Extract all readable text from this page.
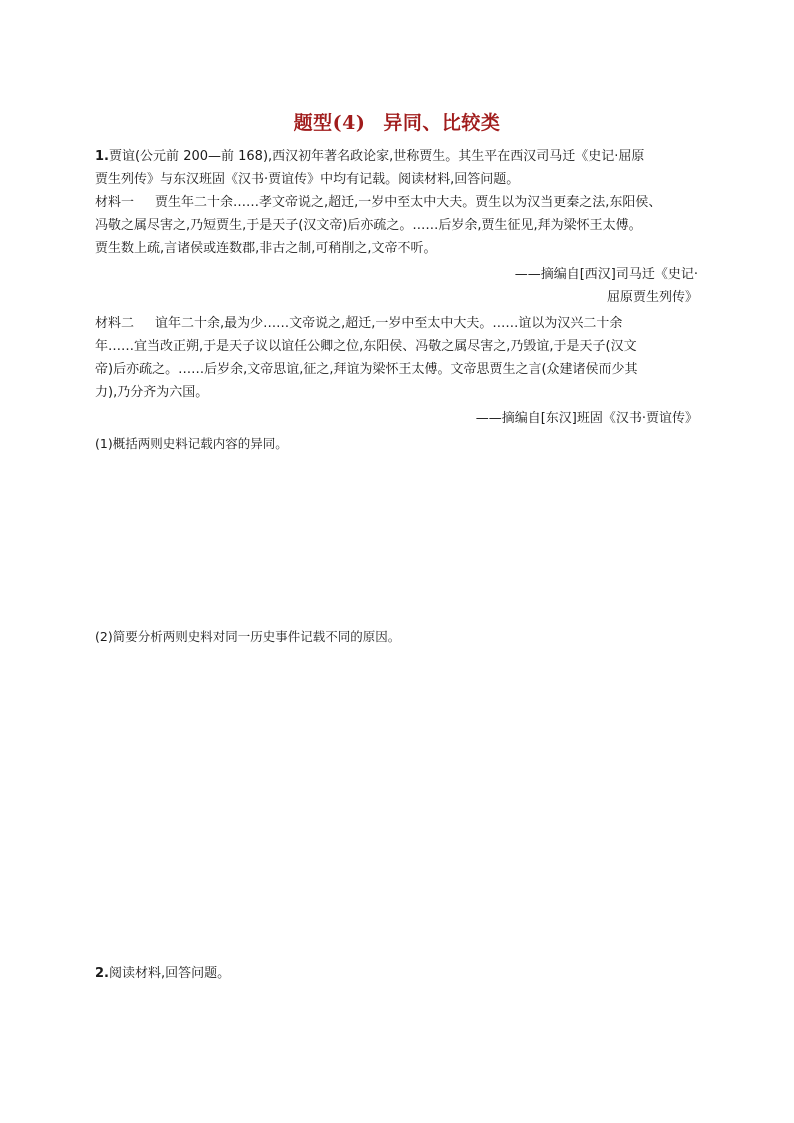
题型(4) 异同、比较类
1.贾谊(公元前 200—前 168),西汉初年著名政论家,世称贾生。其生平在西汉司马迁《史记·屈原
贾生列传》与东汉班固《汉书·贾谊传》中均有记载。阅读材料,回答问题。
材料一 贾生年二十余……孝文帝说之,超迁,一岁中至太中大夫。贾生以为汉当更秦之法,东阳侯、
冯敬之属尽害之,乃短贾生,于是天子(汉文帝)后亦疏之。……后岁余,贾生征见,拜为梁怀王太傅。
贾生数上疏,言诸侯或连数郡,非古之制,可稍削之,文帝不听。
——摘编自[西汉]司马迁《史记·
屈原贾生列传》
材料二 谊年二十余,最为少……文帝说之,超迁,一岁中至太中大夫。……谊以为汉兴二十余
年……宜当改正朔,于是天子议以谊任公卿之位,东阳侯、冯敬之属尽害之,乃毁谊,于是天子(汉文
帝)后亦疏之。……后岁余,文帝思谊,征之,拜谊为梁怀王太傅。文帝思贾生之言(众建诸侯而少其
力),乃分齐为六国。
——摘编自[东汉]班固《汉书·贾谊传》
(1)概括两则史料记载内容的异同。
(2)简要分析两则史料对同一历史事件记载不同的原因。
2.阅读材料,回答问题。
